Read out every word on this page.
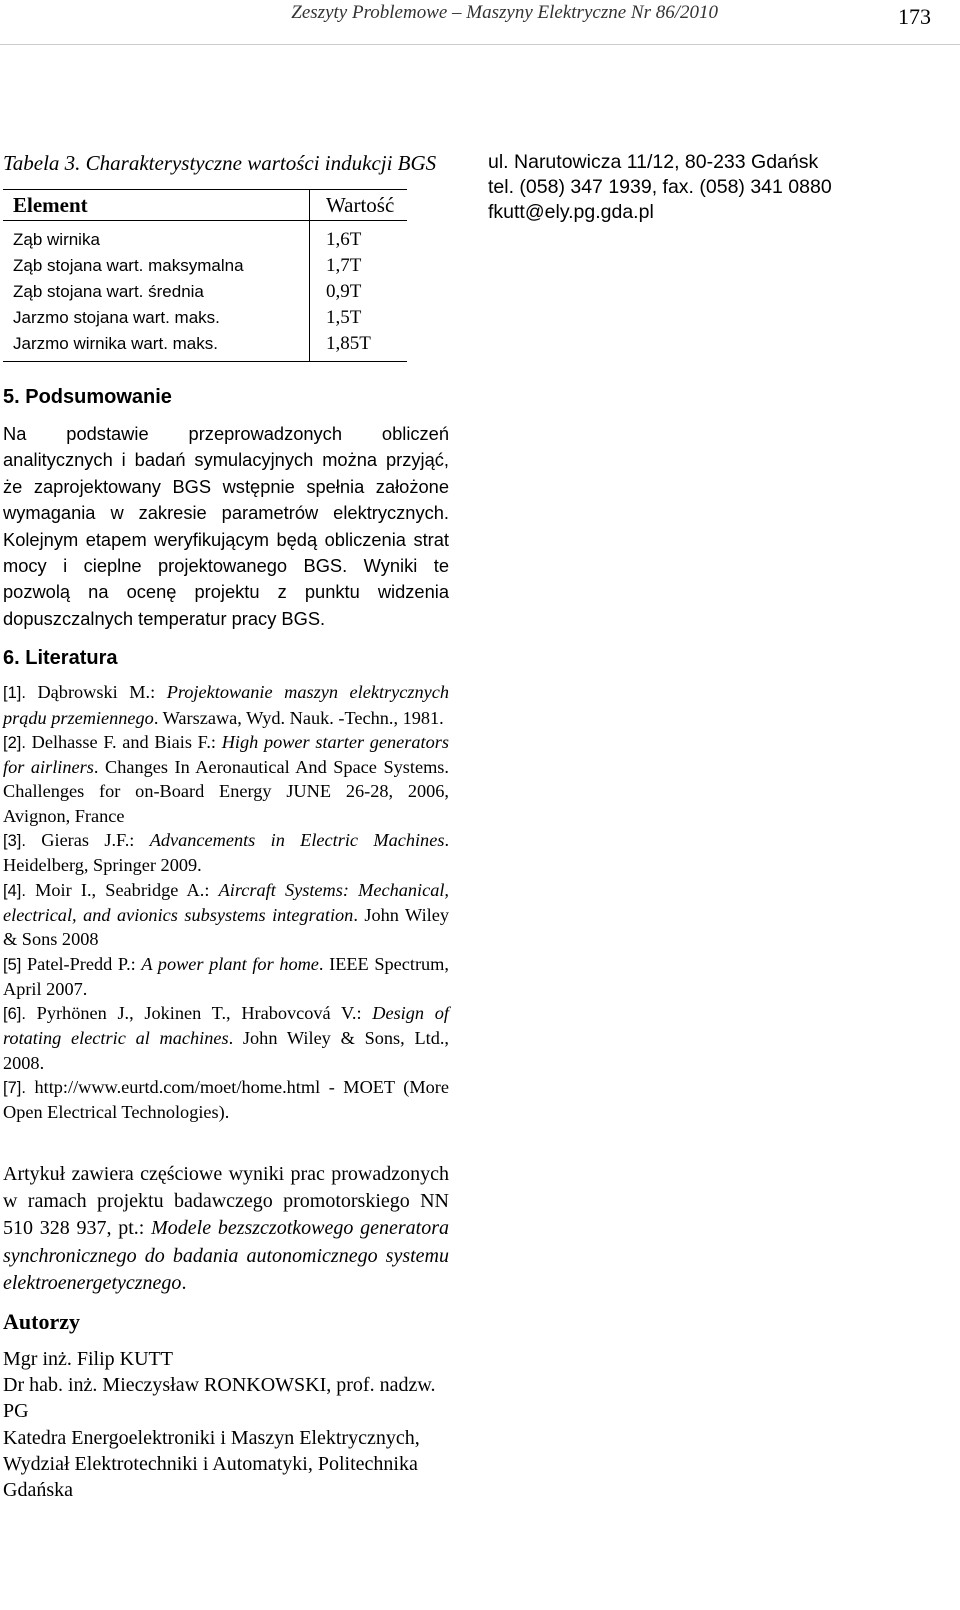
Zeszyty Problemowe – Maszyny Elektryczne Nr 86/2010	173

Tabela 3. Charakterystyczne wartości indukcji BGS

Element	Wartość
Ząb wirnika	1,6T
Ząb stojana wart. maksymalna	1,7T
Ząb stojana wart. średnia	0,9T
Jarzmo stojana wart. maks.	1,5T
Jarzmo wirnika wart. maks.	1,85T
5. Podsumowanie

Na podstawie przeprowadzonych obliczeń analitycznych i badań symulacyjnych można przyjąć, że zaprojektowany BGS wstępnie spełnia założone wymagania w zakresie parametrów elektrycznych. Kolejnym etapem weryfikującym będą obliczenia strat mocy i cieplne projektowanego BGS. Wyniki te pozwolą na ocenę projektu z punktu widzenia dopuszczalnych temperatur pracy BGS.

6. Literatura

[1]. Dąbrowski M.: Projektowanie maszyn elektrycznych prądu przemiennego. Warszawa, Wyd. Nauk. -Techn., 1981.

[2]. Delhasse F. and Biais F.: High power starter generators for airliners. Changes In Aeronautical And Space Systems. Challenges for on-Board Energy JUNE 26-28, 2006, Avignon, France

[3]. Gieras J.F.: Advancements in Electric Machines. Heidelberg, Springer 2009.

[4]. Moir I., Seabridge A.: Aircraft Systems: Mechanical, electrical, and avionics subsystems integration. John Wiley & Sons 2008

[5] Patel-Predd P.: A power plant for home. IEEE Spectrum, April 2007.

[6]. Pyrhönen J., Jokinen T., Hrabovcová V.: Design of rotating electric al machines. John Wiley & Sons, Ltd., 2008.

[7]. http://www.eurtd.com/moet/home.html - MOET (More Open Electrical Technologies).

Artykuł zawiera częściowe wyniki prac prowadzonych w ramach projektu badawczego promotorskiego NN 510 328 937, pt.: Modele bezszczotkowego generatora synchronicznego do badania autonomicznego systemu elektroenergetycznego.

Autorzy

Mgr inż. Filip KUTT

Dr hab. inż. Mieczysław RONKOWSKI, prof. nadzw. PG

Katedra Energoelektroniki i Maszyn Elektrycznych, Wydział Elektrotechniki i Automatyki, Politechnika Gdańska

ul. Narutowicza 11/12, 80-233 Gdańsk

tel. (058) 347 1939, fax. (058) 341 0880

fkutt@ely.pg.gda.pl
